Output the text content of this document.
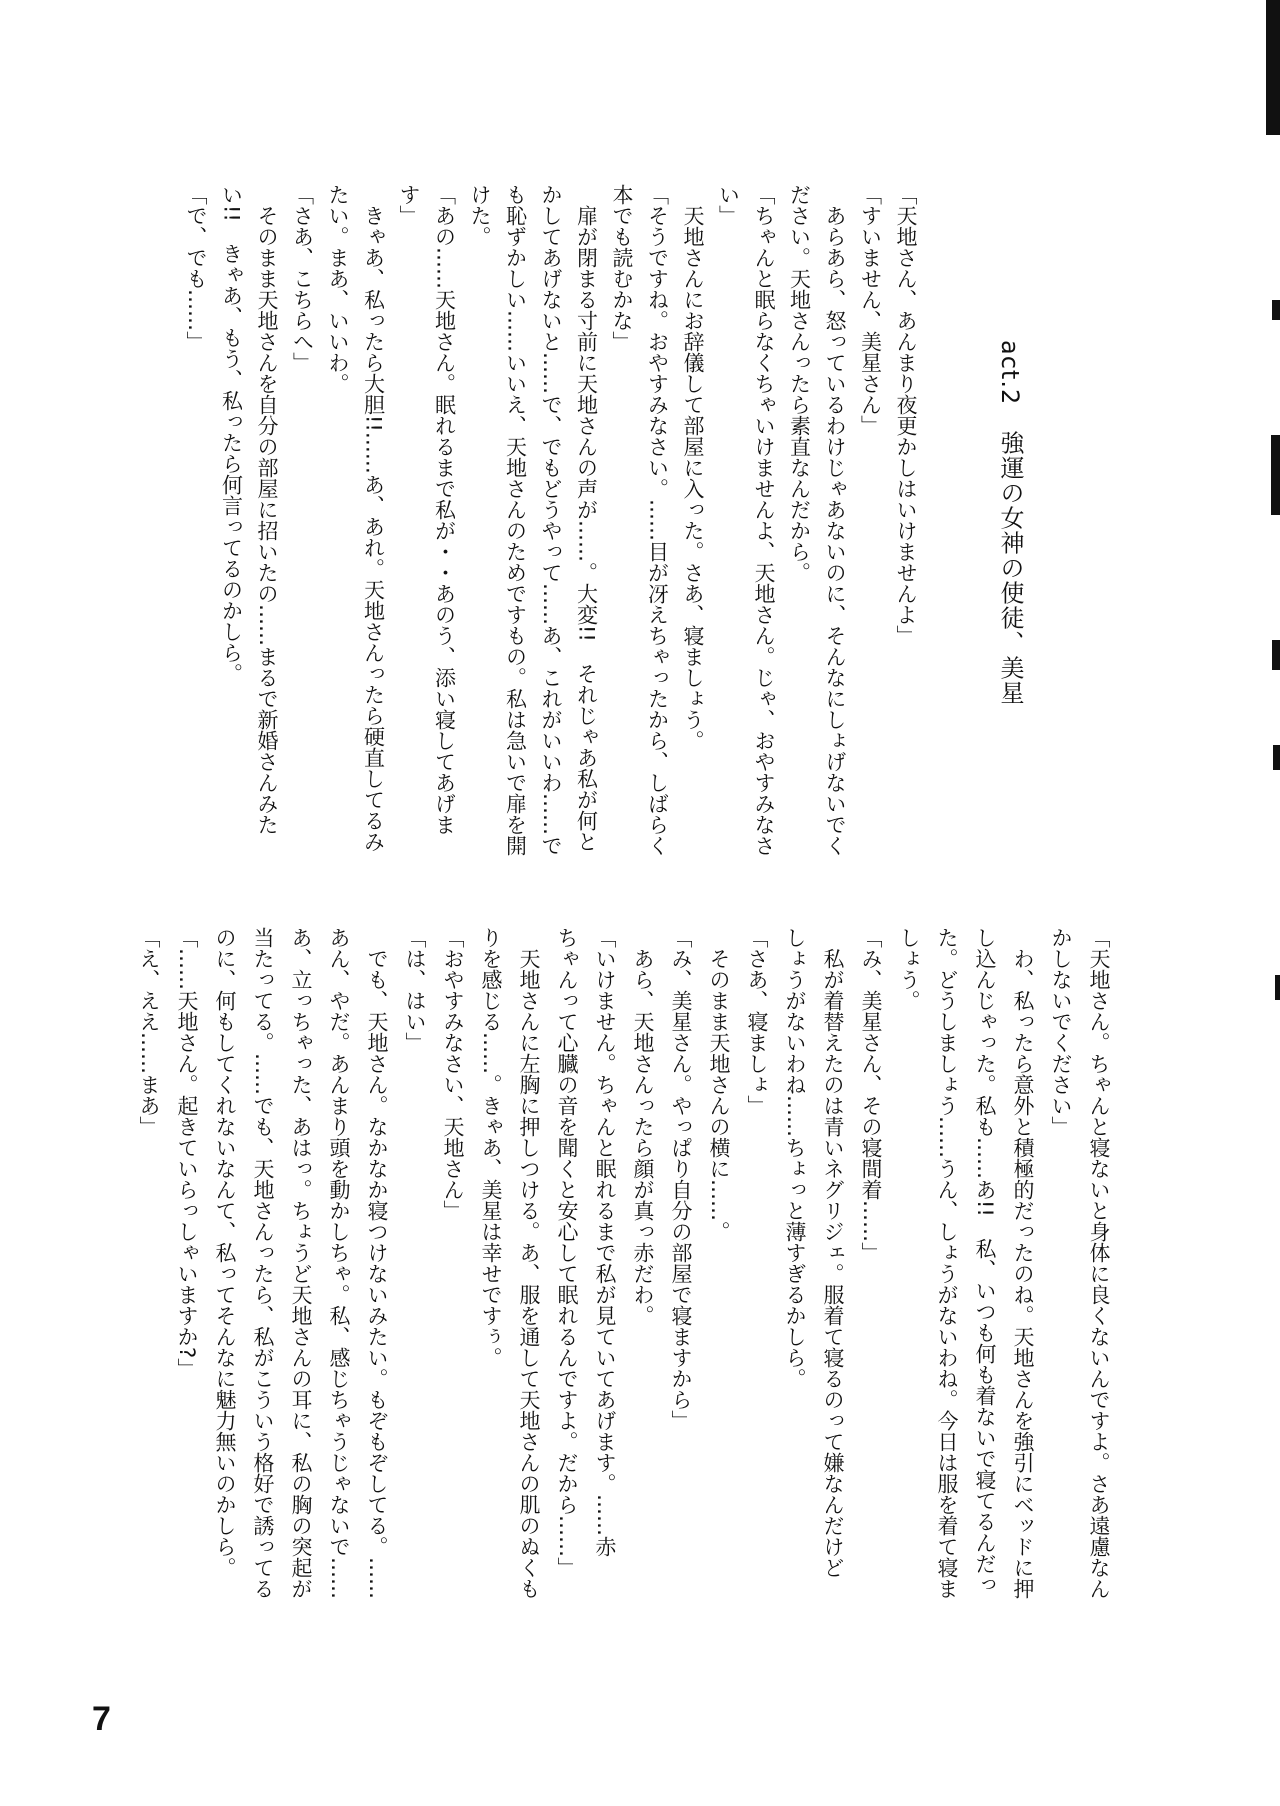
act.2　強運の女神の使徒、美星
「天地さん、あんまり夜更かしはいけませんよ」
「すいません、美星さん」
　あらあら、怒っているわけじゃあないのに、そんなにしょげないでく
ださい。天地さんったら素直なんだから。
「ちゃんと眠らなくちゃいけませんよ、天地さん。じゃ、おやすみなさ
い」
　天地さんにお辞儀して部屋に入った。さあ、寝ましょう。
「そうですね。おやすみなさい。……目が冴えちゃったから、しばらく
本でも読むかな」
　扉が閉まる寸前に天地さんの声が……。大変!!　それじゃあ私が何と
かしてあげないと……で、でもどうやって……あ、これがいいわ……で
も恥ずかしい……いいえ、天地さんのためですもの。私は急いで扉を開
けた。
「あの……天地さん。眠れるまで私が・・あのう、添い寝してあげま
す」
　きゃあ、私ったら大胆!!……あ、あれ。天地さんったら硬直してるみ
たい。まあ、いいわ。
「さあ、こちらへ」
　そのまま天地さんを自分の部屋に招いたの……まるで新婚さんみた
い!!　きゃあ、もう、私ったら何言ってるのかしら。
「で、でも……」
「天地さん。ちゃんと寝ないと身体に良くないんですよ。さあ遠慮なん
かしないでください」
　わ、私ったら意外と積極的だったのね。天地さんを強引にベッドに押
し込んじゃった。私も……あ!!　私、いつも何も着ないで寝てるんだっ
た。どうしましょう……うん、しょうがないわね。今日は服を着て寝ま
しょう。
「み、美星さん、その寝間着……」
　私が着替えたのは青いネグリジェ。服着て寝るのって嫌なんだけど
しょうがないわね……ちょっと薄すぎるかしら。
「さあ、寝ましょ」
　そのまま天地さんの横に……。
「み、美星さん。やっぱり自分の部屋で寝ますから」
　あら、天地さんったら顔が真っ赤だわ。
「いけません。ちゃんと眠れるまで私が見ていてあげます。……赤
ちゃんって心臓の音を聞くと安心して眠れるんですよ。だから……」
　天地さんに左胸に押しつける。あ、服を通して天地さんの肌のぬくも
りを感じる……。きゃあ、美星は幸せですぅ。
「おやすみなさい、天地さん」
「は、はい」
　でも、天地さん。なかなか寝つけないみたい。もぞもぞしてる。……
あん、やだ。あんまり頭を動かしちゃ。私、感じちゃうじゃないで……
あ、立っちゃった、あはっ。ちょうど天地さんの耳に、私の胸の突起が
当たってる。……でも、天地さんったら、私がこういう格好で誘ってる
のに、何もしてくれないなんて、私ってそんなに魅力無いのかしら。
「……天地さん。起きていらっしゃいますか?」
「え、ええ……まあ」
7
